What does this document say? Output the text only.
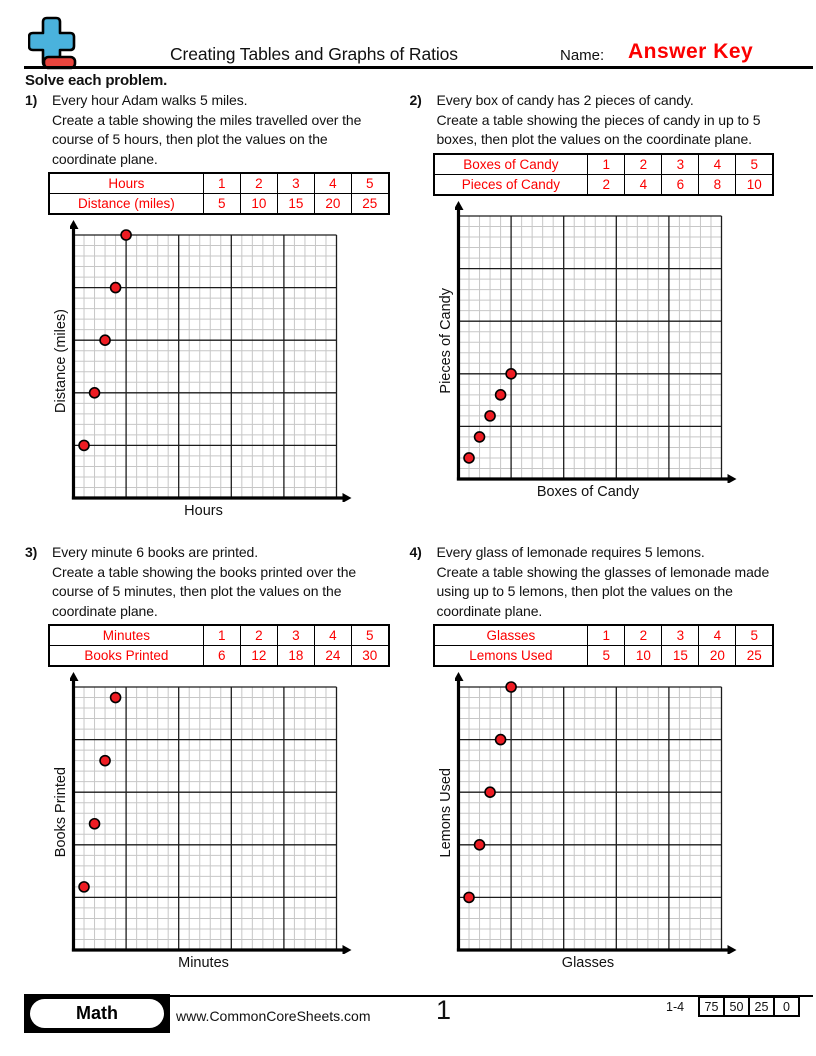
Creating Tables and Graphs of Ratios	Name: Answer Key
Solve each problem.
1)	Every hour Adam walks 5 miles.
Create a table showing the miles travelled over the course of 5 hours, then plot the values on the coordinate plane.
Hours	1	2	3	4	5
Distance (miles)	5	10	15	20	25
Distance (miles)
Hours
2)	Every box of candy has 2 pieces of candy.
Create a table showing the pieces of candy in up to 5 boxes, then plot the values on the coordinate plane.
Boxes of Candy	1	2	3	4	5
Pieces of Candy	2	4	6	8	10
Pieces of Candy
Boxes of Candy
3)	Every minute 6 books are printed.
Create a table showing the books printed over the course of 5 minutes, then plot the values on the coordinate plane.
Minutes	1	2	3	4	5
Books Printed	6	12	18	24	30
Books Printed
Minutes
4)	Every glass of lemonade requires 5 lemons.
Create a table showing the glasses of lemonade made using up to 5 lemons, then plot the values on the coordinate plane.
Glasses	1	2	3	4	5
Lemons Used	5	10	15	20	25
Lemons Used
Glasses
Math	www.CommonCoreSheets.com 1	1-4 75	50	25	0
